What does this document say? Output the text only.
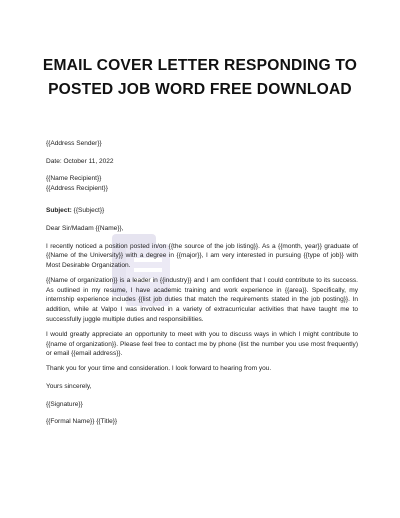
EMAIL COVER LETTER RESPONDING TO
POSTED JOB WORD FREE DOWNLOAD

{{Address Sender}}

Date: October 11, 2022

{{Name Recipient}}

{{Address Recipient}}

Subject: {{Subject}}

Dear Sir/Madam {{Name}},

I recently noticed a position posted in/on {{the source of the job listing}}. As a {{month, year}} graduate of {{Name of the University}} with a degree in {{major}}, I am very interested in pursuing {{type of job}} with Most Desirable Organization.

{{Name of organization}} is a leader in {{industry}} and I am confident that I could contribute to its success. As outlined in my resume, I have academic training and work experience in {{area}}. Specifically, my internship experience includes {{list job duties that match the requirements stated in the job posting}}. In addition, while at Valpo I was involved in a variety of extracurricular activities that have taught me to successfully juggle multiple duties and responsibilities.

I would greatly appreciate an opportunity to meet with you to discuss ways in which I might contribute to {{name of organization}}. Please feel free to contact me by phone (list the number you use most frequently) or email {{email address}}.

Thank you for your time and consideration. I look forward to hearing from you.

Yours sincerely,

{{Signature}}

{{Formal Name}} {{Title}}
